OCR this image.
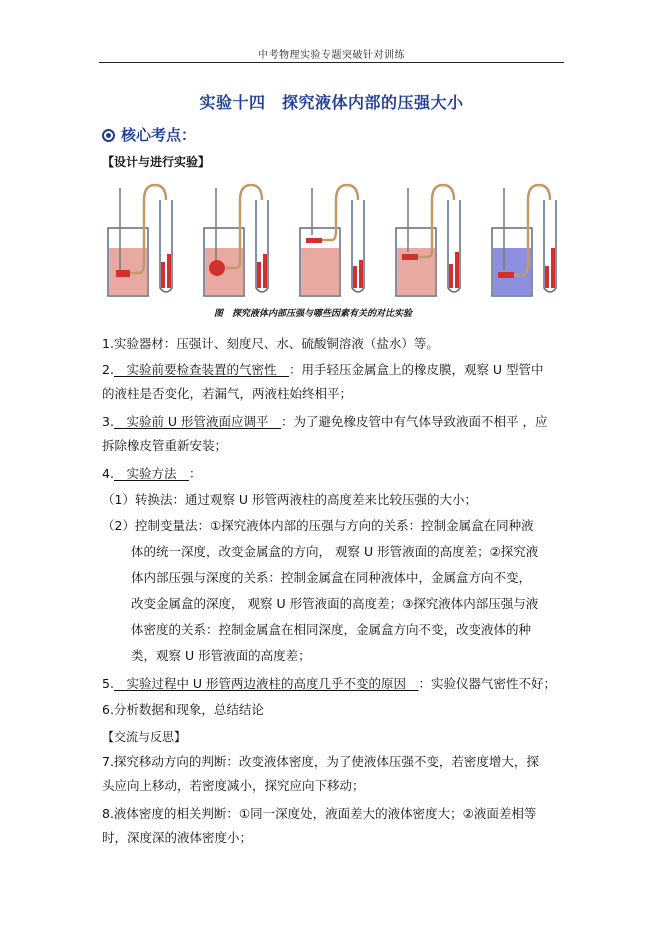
中考物理实验专题突破针对训练
实验十四　探究液体内部的压强大小
核心考点：
【设计与进行实验】
图　探究液体内部压强与哪些因素有关的对比实验
1.实验器材：压强计、刻度尺、水、硫酸铜溶液（盐水）等。
2.　实验前要检查装置的气密性　：用手轻压金属盒上的橡皮膜，观察 U 型管中
的液柱是否变化，若漏气，两液柱始终相平；
3.　实验前 U 形管液面应调平　：为了避免橡皮管中有气体导致液面不相平 ，应
拆除橡皮管重新安装；
4.　实验方法　：
（1）转换法：通过观察 U 形管两液柱的高度差来比较压强的大小；
（2）控制变量法：①探究液体内部的压强与方向的关系：控制金属盒在同种液
体的统一深度，改变金属盒的方向， 观察 U 形管液面的高度差；②探究液
体内部压强与深度的关系：控制金属盒在同种液体中，金属盒方向不变，
改变金属盒的深度， 观察 U 形管液面的高度差；③探究液体内部压强与液
体密度的关系：控制金属盒在相同深度，金属盒方向不变，改变液体的种
类，观察 U 形管液面的高度差；
5.　实验过程中 U 形管两边液柱的高度几乎不变的原因　：实验仪器气密性不好；
6.分析数据和现象，总结结论
【交流与反思】
7.探究移动方向的判断：改变液体密度，为了使液体压强不变，若密度增大，探
头应向上移动，若密度减小，探究应向下移动；
8.液体密度的相关判断：①同一深度处，液面差大的液体密度大；②液面差相等
时，深度深的液体密度小；
